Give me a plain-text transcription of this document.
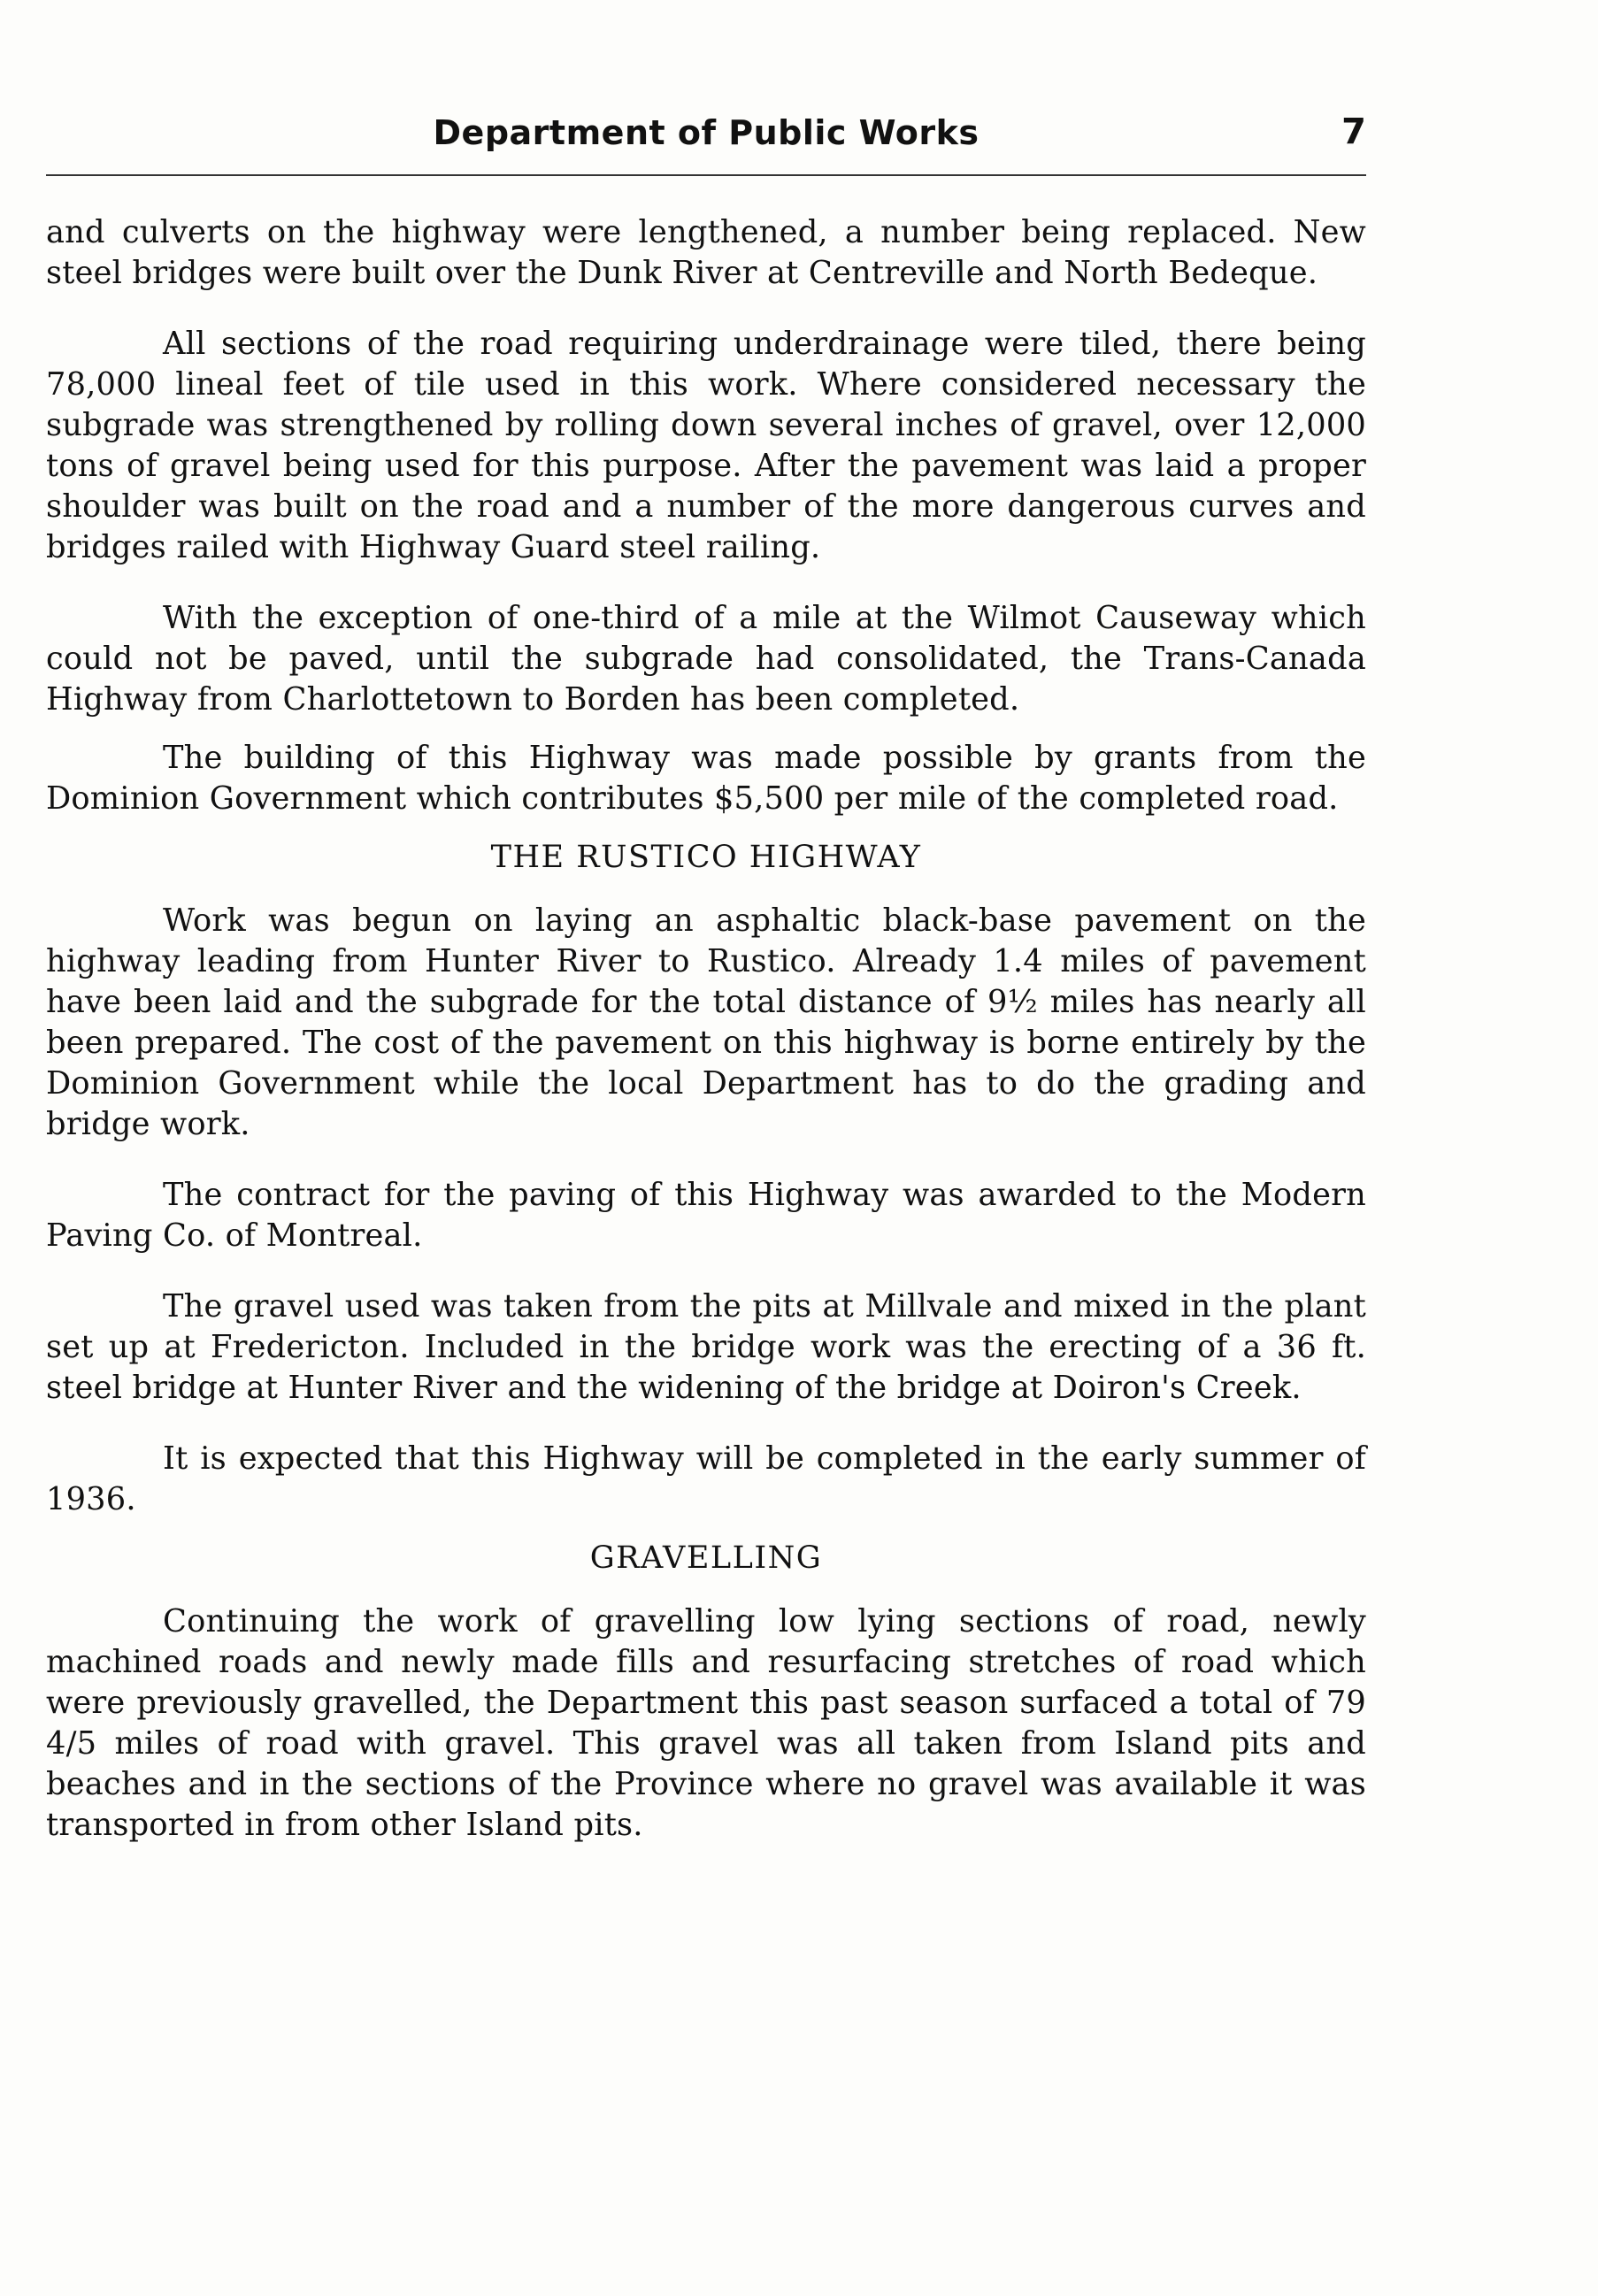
Department of Public Works	7

and culverts on the highway were lengthened, a number being replaced. New steel bridges were built over the Dunk River at Centreville and North Bedeque.

All sections of the road requiring underdrainage were tiled, there being 78,000 lineal feet of tile used in this work. Where considered necessary the subgrade was strengthened by rolling down several inches of gravel, over 12,000 tons of gravel being used for this purpose. After the pavement was laid a proper shoulder was built on the road and a number of the more dangerous curves and bridges railed with Highway Guard steel railing.

With the exception of one-third of a mile at the Wilmot Causeway which could not be paved, until the subgrade had consolidated, the Trans-Canada Highway from Charlottetown to Borden has been completed.

The building of this Highway was made possible by grants from the Dominion Government which contributes $5,500 per mile of the completed road.

THE RUSTICO HIGHWAY

Work was begun on laying an asphaltic black-base pavement on the highway leading from Hunter River to Rustico. Already 1.4 miles of pavement have been laid and the subgrade for the total distance of 9½ miles has nearly all been prepared. The cost of the pavement on this highway is borne entirely by the Dominion Government while the local Department has to do the grading and bridge work.

The contract for the paving of this Highway was awarded to the Modern Paving Co. of Montreal.

The gravel used was taken from the pits at Millvale and mixed in the plant set up at Fredericton. Included in the bridge work was the erecting of a 36 ft. steel bridge at Hunter River and the widening of the bridge at Doiron's Creek.

It is expected that this Highway will be completed in the early summer of 1936.

GRAVELLING

Continuing the work of gravelling low lying sections of road, newly machined roads and newly made fills and resurfacing stretches of road which were previously gravelled, the Department this past season surfaced a total of 79 4/5 miles of road with gravel. This gravel was all taken from Island pits and beaches and in the sections of the Province where no gravel was available it was transported in from other Island pits.
